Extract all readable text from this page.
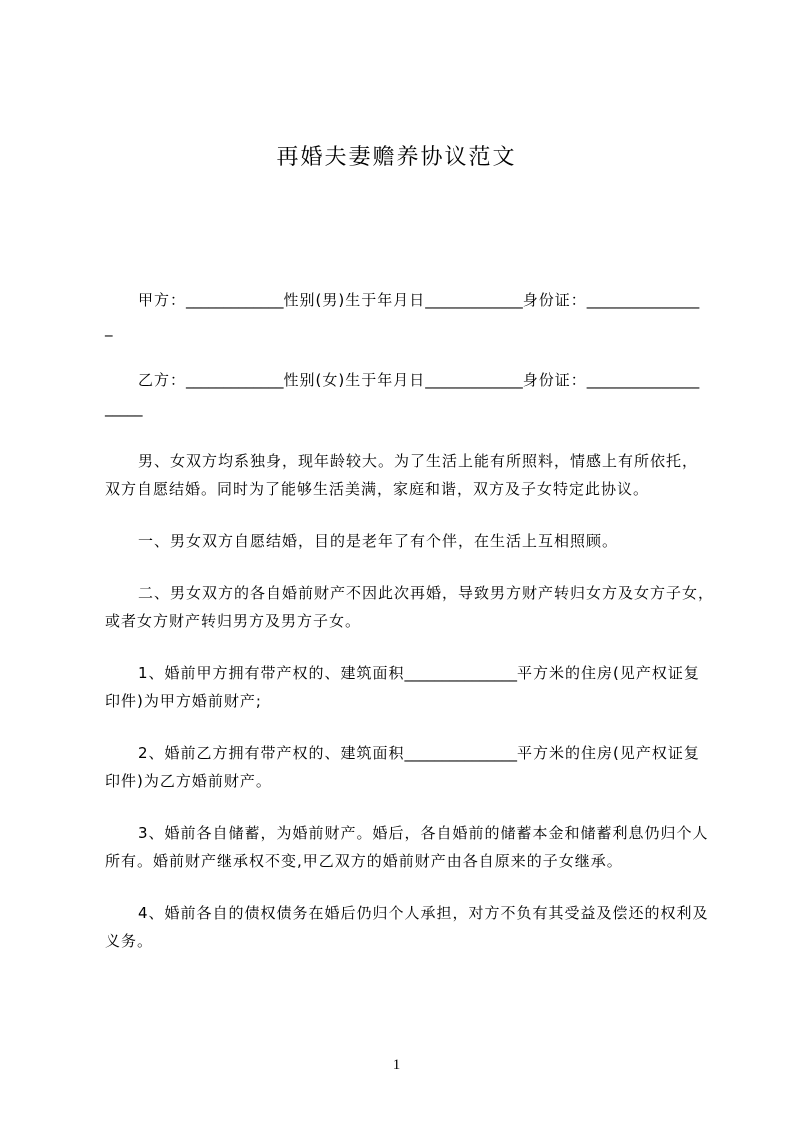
再婚夫妻赡养协议范文
甲方：_____________性别(男)生于年月日_____________身份证：_______________
_
乙方：_____________性别(女)生于年月日_____________身份证：_______________
_____
男、女双方均系独身，现年龄较大。为了生活上能有所照料，情感上有所依托，
双方自愿结婚。同时为了能够生活美满，家庭和谐，双方及子女特定此协议。
一、男女双方自愿结婚，目的是老年了有个伴，在生活上互相照顾。
二、男女双方的各自婚前财产不因此次再婚，导致男方财产转归女方及女方子女，
或者女方财产转归男方及男方子女。
1、婚前甲方拥有带产权的、建筑面积_______________平方米的住房(见产权证复
印件)为甲方婚前财产;
2、婚前乙方拥有带产权的、建筑面积_______________平方米的住房(见产权证复
印件)为乙方婚前财产。
3、婚前各自储蓄，为婚前财产。婚后，各自婚前的储蓄本金和储蓄利息仍归个人
所有。婚前财产继承权不变,甲乙双方的婚前财产由各自原来的子女继承。
4、婚前各自的债权债务在婚后仍归个人承担，对方不负有其受益及偿还的权利及
义务。
1
